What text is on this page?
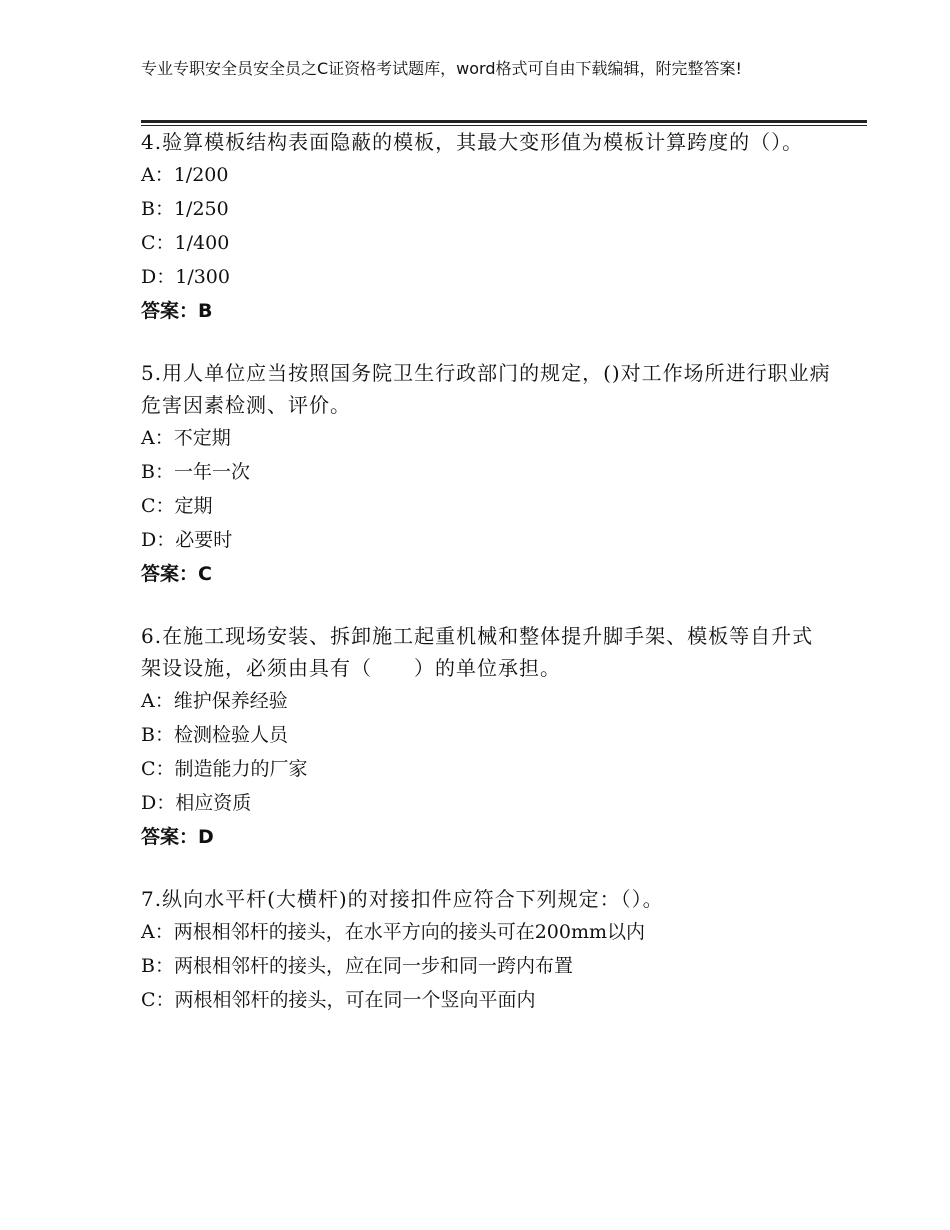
专业专职安全员安全员之C证资格考试题库，word格式可自由下载编辑，附完整答案!

4.验算模板结构表面隐蔽的模板，其最大变形值为模板计算跨度的（）。

A：1/200
B：1/250
C：1/400
D：1/300
答案：B

5.用人单位应当按照国务院卫生行政部门的规定，()对工作场所进行职业病危害因素检测、评价。

A：不定期
B：一年一次
C：定期
D：必要时
答案：C

6.在施工现场安装、拆卸施工起重机械和整体提升脚手架、模板等自升式架设设施，必须由具有（　　）的单位承担。

A：维护保养经验
B：检测检验人员
C：制造能力的厂家
D：相应资质
答案：D

7.纵向水平杆(大横杆)的对接扣件应符合下列规定：（）。

A：两根相邻杆的接头，在水平方向的接头可在200mm以内
B：两根相邻杆的接头，应在同一步和同一跨内布置
C：两根相邻杆的接头，可在同一个竖向平面内
